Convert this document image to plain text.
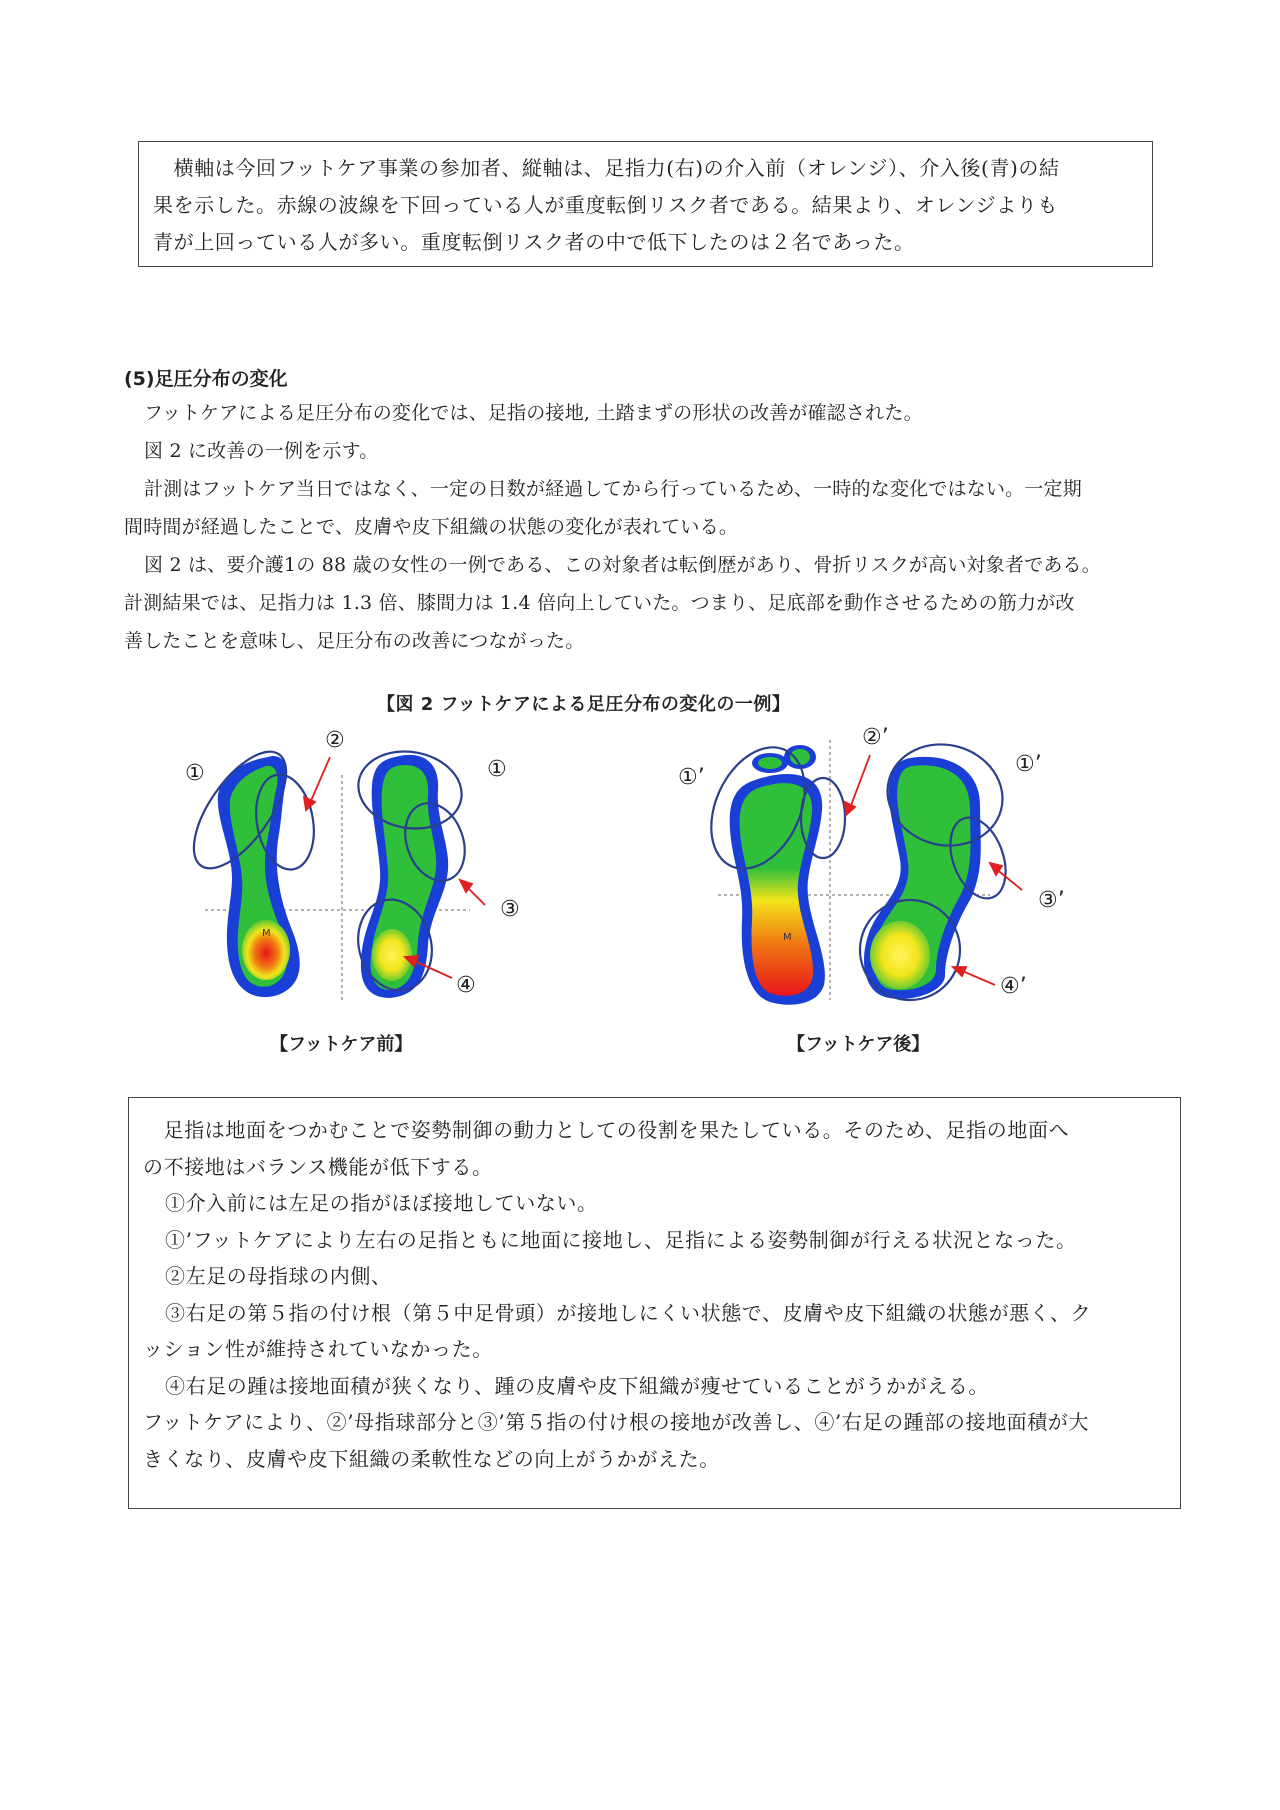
　横軸は今回フットケア事業の参加者、縦軸は、足指力(右)の介入前（オレンジ）、介入後(青)の結

果を示した。赤線の波線を下回っている人が重度転倒リスク者である。結果より、オレンジよりも

青が上回っている人が多い。重度転倒リスク者の中で低下したのは２名であった。

(5)足圧分布の変化
フットケアによる足圧分布の変化では、足指の接地, 土踏まずの形状の改善が確認された。
図 2 に改善の一例を示す。
計測はフットケア当日ではなく、一定の日数が経過してから行っているため、一時的な変化ではない。一定期
間時間が経過したことで、皮膚や皮下組織の状態の変化が表れている。
図 2 は、要介護1の 88 歳の女性の一例である、この対象者は転倒歴があり、骨折リスクが高い対象者である。
計測結果では、足指力は 1.3 倍、膝間力は 1.4 倍向上していた。つまり、足底部を動作させるための筋力が改
善したことを意味し、足圧分布の改善につながった。
【図 2 フットケアによる足圧分布の変化の一例】
M
①
②
①
③
④
M
①’
②’
①’
③’
④’
【フットケア前】	【フットケア後】

　足指は地面をつかむことで姿勢制御の動力としての役割を果たしている。そのため、足指の地面へ

の不接地はバランス機能が低下する。

①介入前には左足の指がほぼ接地していない。

①’フットケアにより左右の足指ともに地面に接地し、足指による姿勢制御が行える状況となった。

②左足の母指球の内側、

③右足の第５指の付け根（第５中足骨頭）が接地しにくい状態で、皮膚や皮下組織の状態が悪く、ク

ッション性が維持されていなかった。

④右足の踵は接地面積が狭くなり、踵の皮膚や皮下組織が痩せていることがうかがえる。

フットケアにより、②’母指球部分と③’第５指の付け根の接地が改善し、④’右足の踵部の接地面積が大

きくなり、皮膚や皮下組織の柔軟性などの向上がうかがえた。
